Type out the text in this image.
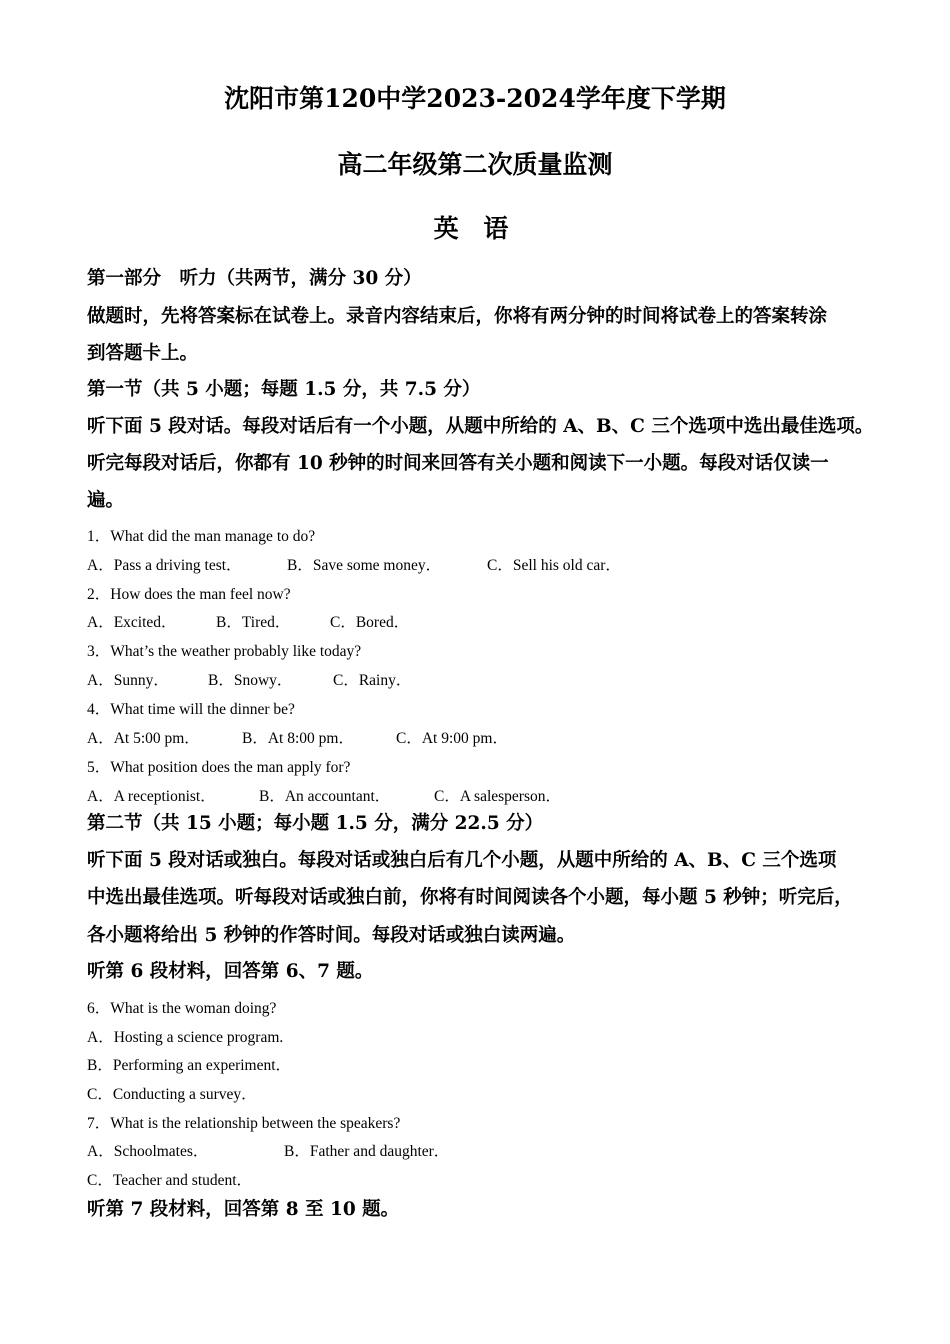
沈阳市第120中学2023-2024学年度下学期
高二年级第二次质量监测
英 语
第一部分　听力（共两节，满分 30 分）
做题时，先将答案标在试卷上。录音内容结束后，你将有两分钟的时间将试卷上的答案转涂
到答题卡上。
第一节（共 5 小题；每题 1.5 分，共 7.5 分）
听下面 5 段对话。每段对话后有一个小题，从题中所给的 A、B、C 三个选项中选出最佳选项。
听完每段对话后，你都有 10 秒钟的时间来回答有关小题和阅读下一小题。每段对话仅读一
遍。
1．What did the man manage to do?
A．Pass a driving test．	B．Save some money．	C．Sell his old car．
2．How does the man feel now?
A．Excited．	B．Tired．	C．Bored．
3．What’s the weather probably like today?
A．Sunny．	B．Snowy．	C．Rainy．
4．What time will the dinner be?
A．At 5:00 pm．	B．At 8:00 pm．	C．At 9:00 pm．
5．What position does the man apply for?
A．A receptionist．	B．An accountant．	C．A salesperson．
第二节（共 15 小题；每小题 1.5 分，满分 22.5 分）
听下面 5 段对话或独白。每段对话或独白后有几个小题，从题中所给的 A、B、C 三个选项
中选出最佳选项。听每段对话或独白前，你将有时间阅读各个小题，每小题 5 秒钟；听完后，
各小题将给出 5 秒钟的作答时间。每段对话或独白读两遍。
听第 6 段材料，回答第 6、7 题。
6．What is the woman doing?
A．Hosting a science program.
B．Performing an experiment．
C．Conducting a survey．
7．What is the relationship between the speakers?
A．Schoolmates．	B．Father and daughter．
C．Teacher and student．
听第 7 段材料，回答第 8 至 10 题。
